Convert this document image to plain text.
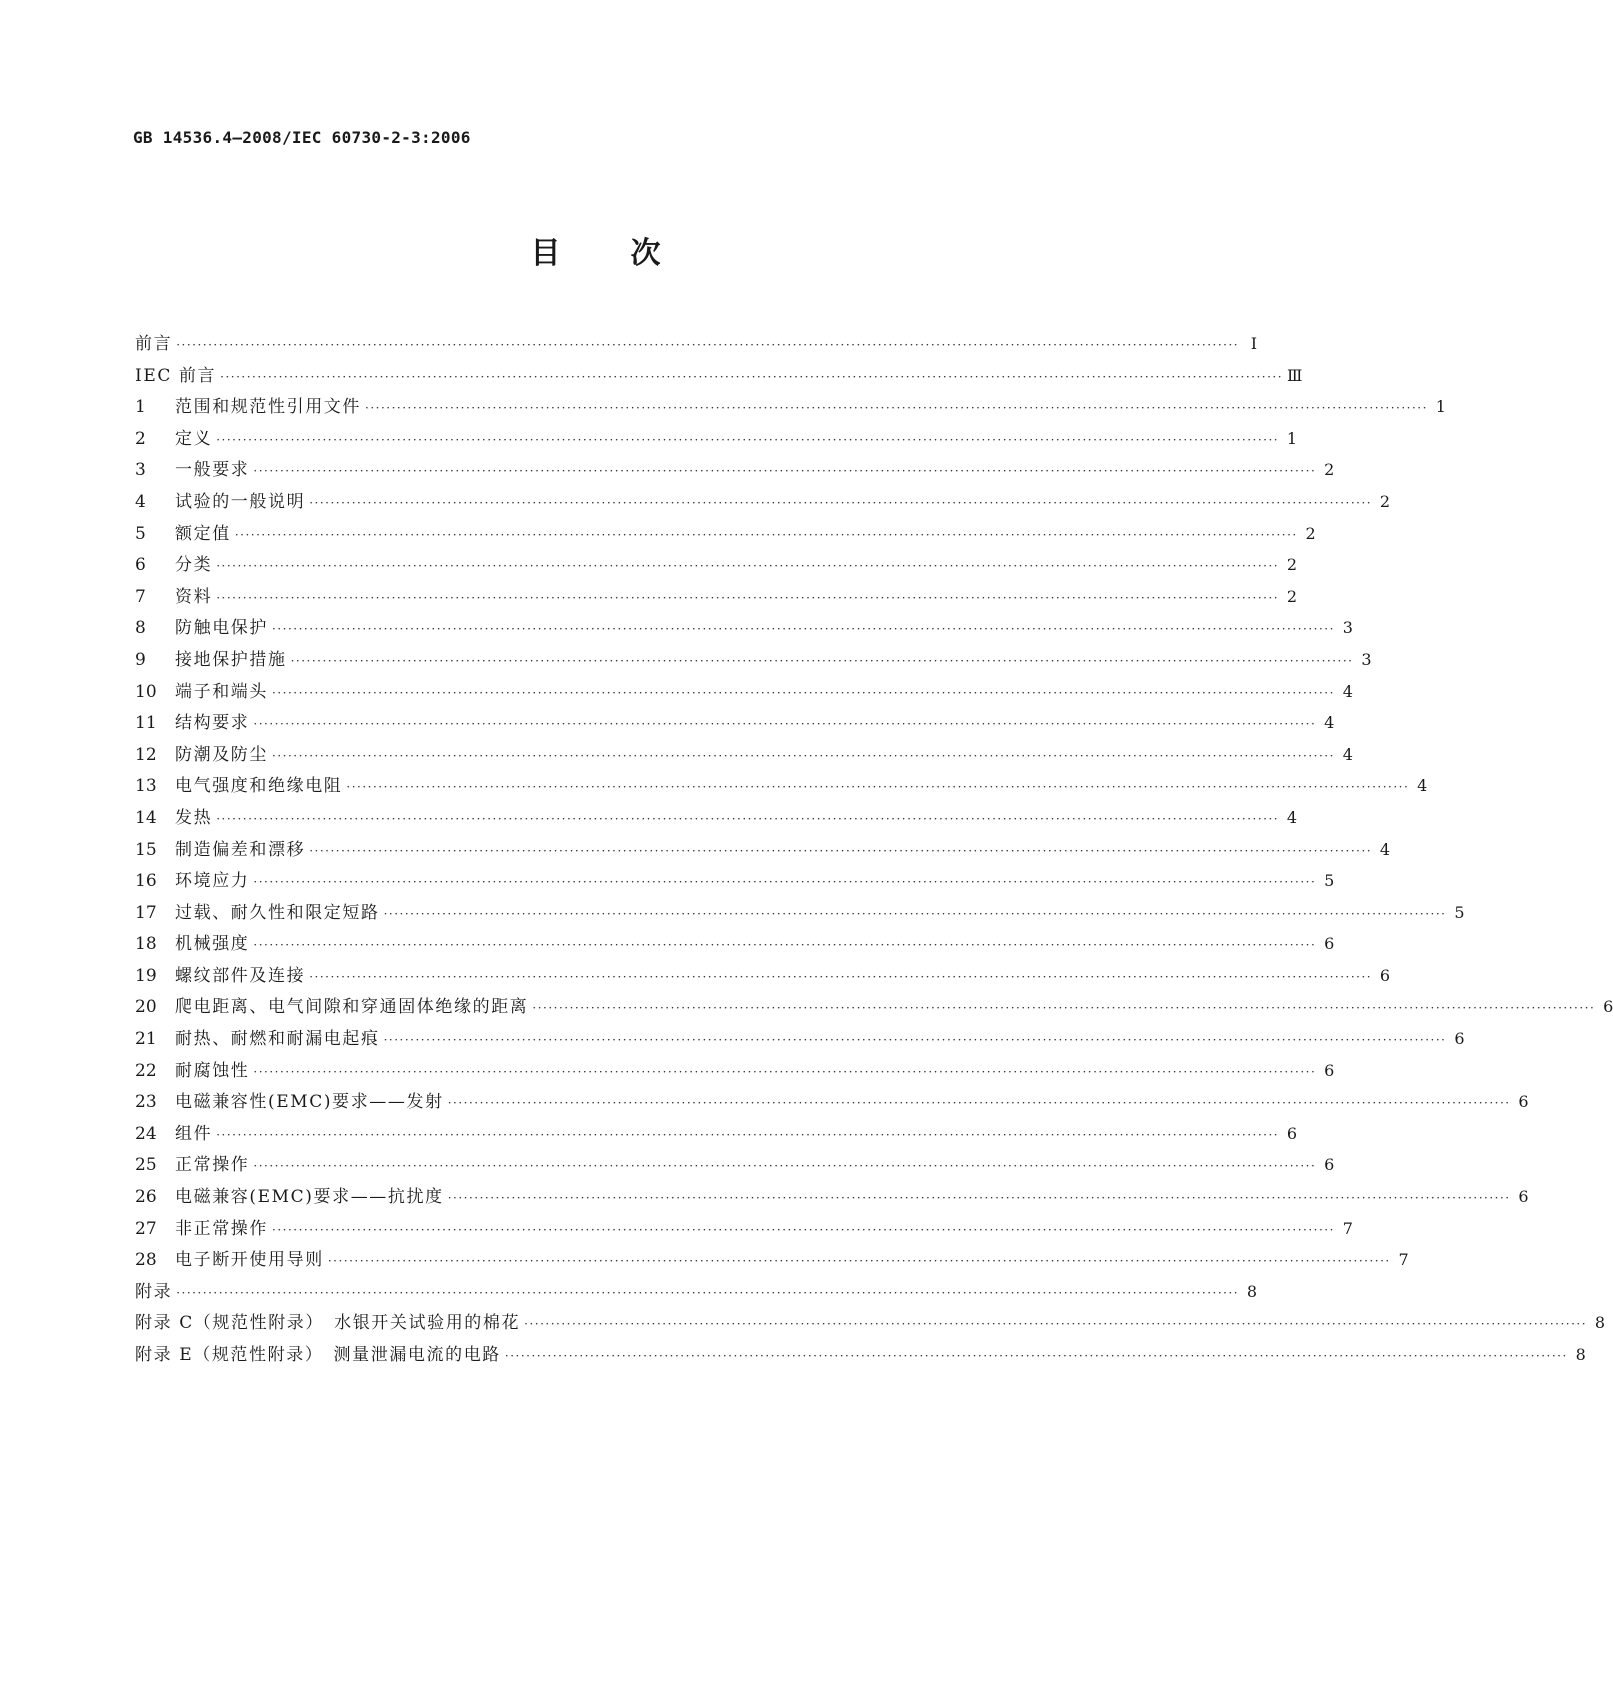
GB 14536.4—2008/IEC 60730-2-3:2006
目次
前言 ········································································································································································································ Ⅰ
IEC 前言 ········································································································································································································ Ⅲ
1	范围和规范性引用文件 ········································································································································································································ 1
2	定义 ········································································································································································································ 1
3	一般要求 ········································································································································································································ 2
4	试验的一般说明 ········································································································································································································ 2
5	额定值 ········································································································································································································ 2
6	分类 ········································································································································································································ 2
7	资料 ········································································································································································································ 2
8	防触电保护 ········································································································································································································ 3
9	接地保护措施 ········································································································································································································ 3
10	端子和端头 ········································································································································································································ 4
11	结构要求 ········································································································································································································ 4
12	防潮及防尘 ········································································································································································································ 4
13	电气强度和绝缘电阻 ········································································································································································································ 4
14	发热 ········································································································································································································ 4
15	制造偏差和漂移 ········································································································································································································ 4
16	环境应力 ········································································································································································································ 5
17	过载、耐久性和限定短路 ········································································································································································································ 5
18	机械强度 ········································································································································································································ 6
19	螺纹部件及连接 ········································································································································································································ 6
20	爬电距离、电气间隙和穿通固体绝缘的距离 ········································································································································································································ 6
21	耐热、耐燃和耐漏电起痕 ········································································································································································································ 6
22	耐腐蚀性 ········································································································································································································ 6
23	电磁兼容性(EMC)要求——发射 ········································································································································································································ 6
24	组件 ········································································································································································································ 6
25	正常操作 ········································································································································································································ 6
26	电磁兼容(EMC)要求——抗扰度 ········································································································································································································ 6
27	非正常操作 ········································································································································································································ 7
28	电子断开使用导则 ········································································································································································································ 7
附录 ········································································································································································································ 8
附录 C（规范性附录）　水银开关试验用的棉花 ········································································································································································································ 8
附录 E（规范性附录）　测量泄漏电流的电路 ········································································································································································································ 8
